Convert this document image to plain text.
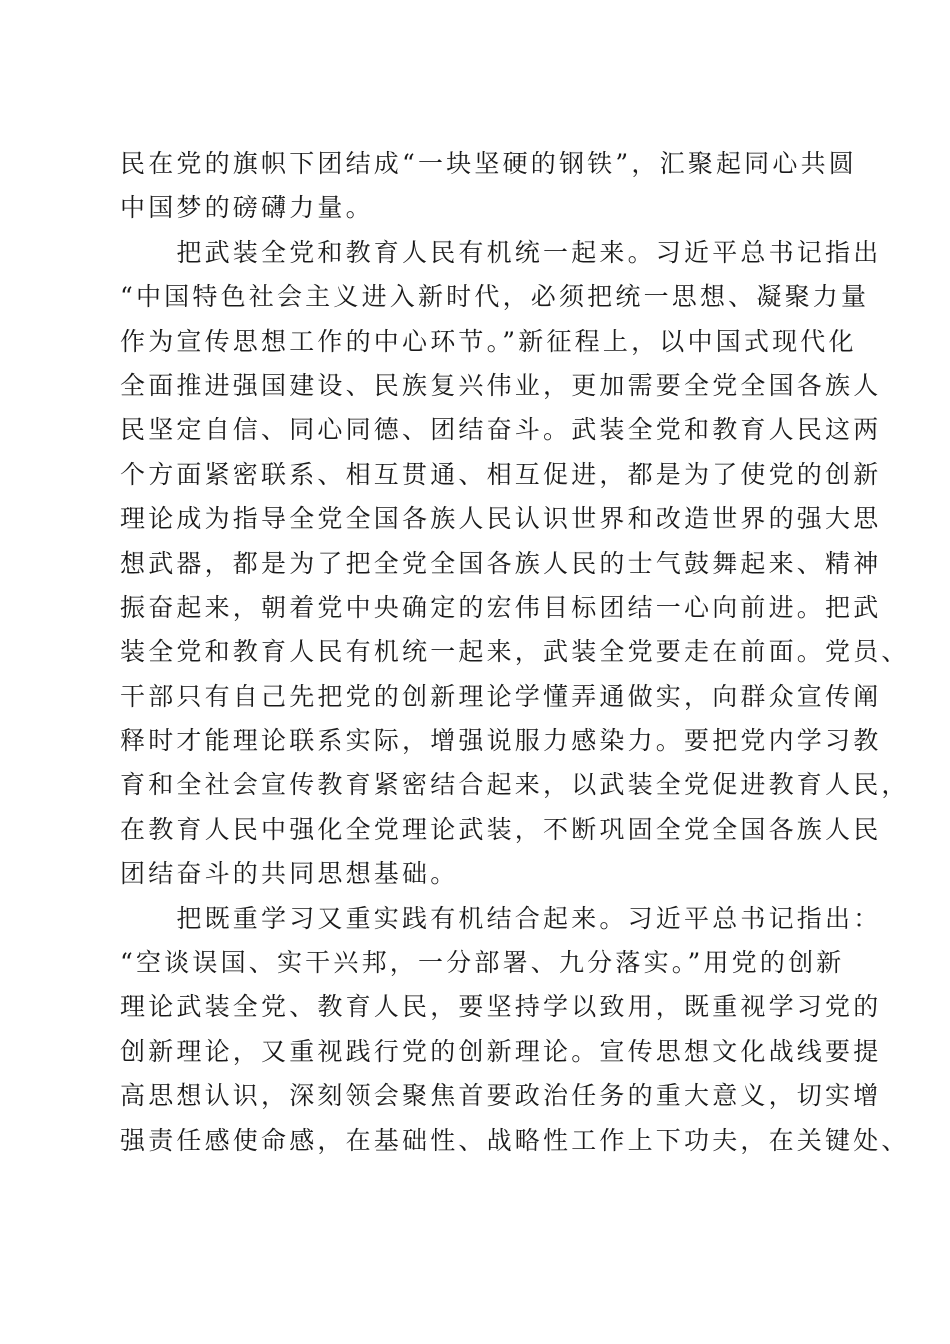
民在党的旗帜下团结成“一块坚硬的钢铁”，汇聚起同心共圆
中国梦的磅礴力量。
　　把武装全党和教育人民有机统一起来。习近平总书记指出
“中国特色社会主义进入新时代，必须把统一思想、凝聚力量
作为宣传思想工作的中心环节。”新征程上，以中国式现代化
全面推进强国建设、民族复兴伟业，更加需要全党全国各族人
民坚定自信、同心同德、团结奋斗。武装全党和教育人民这两
个方面紧密联系、相互贯通、相互促进，都是为了使党的创新
理论成为指导全党全国各族人民认识世界和改造世界的强大思
想武器，都是为了把全党全国各族人民的士气鼓舞起来、精神
振奋起来，朝着党中央确定的宏伟目标团结一心向前进。把武
装全党和教育人民有机统一起来，武装全党要走在前面。党员、
干部只有自己先把党的创新理论学懂弄通做实，向群众宣传阐
释时才能理论联系实际，增强说服力感染力。要把党内学习教
育和全社会宣传教育紧密结合起来，以武装全党促进教育人民，
在教育人民中强化全党理论武装，不断巩固全党全国各族人民
团结奋斗的共同思想基础。
　　把既重学习又重实践有机结合起来。习近平总书记指出：
“空谈误国、实干兴邦，一分部署、九分落实。”用党的创新
理论武装全党、教育人民，要坚持学以致用，既重视学习党的
创新理论，又重视践行党的创新理论。宣传思想文化战线要提
高思想认识，深刻领会聚焦首要政治任务的重大意义，切实增
强责任感使命感，在基础性、战略性工作上下功夫，在关键处、
